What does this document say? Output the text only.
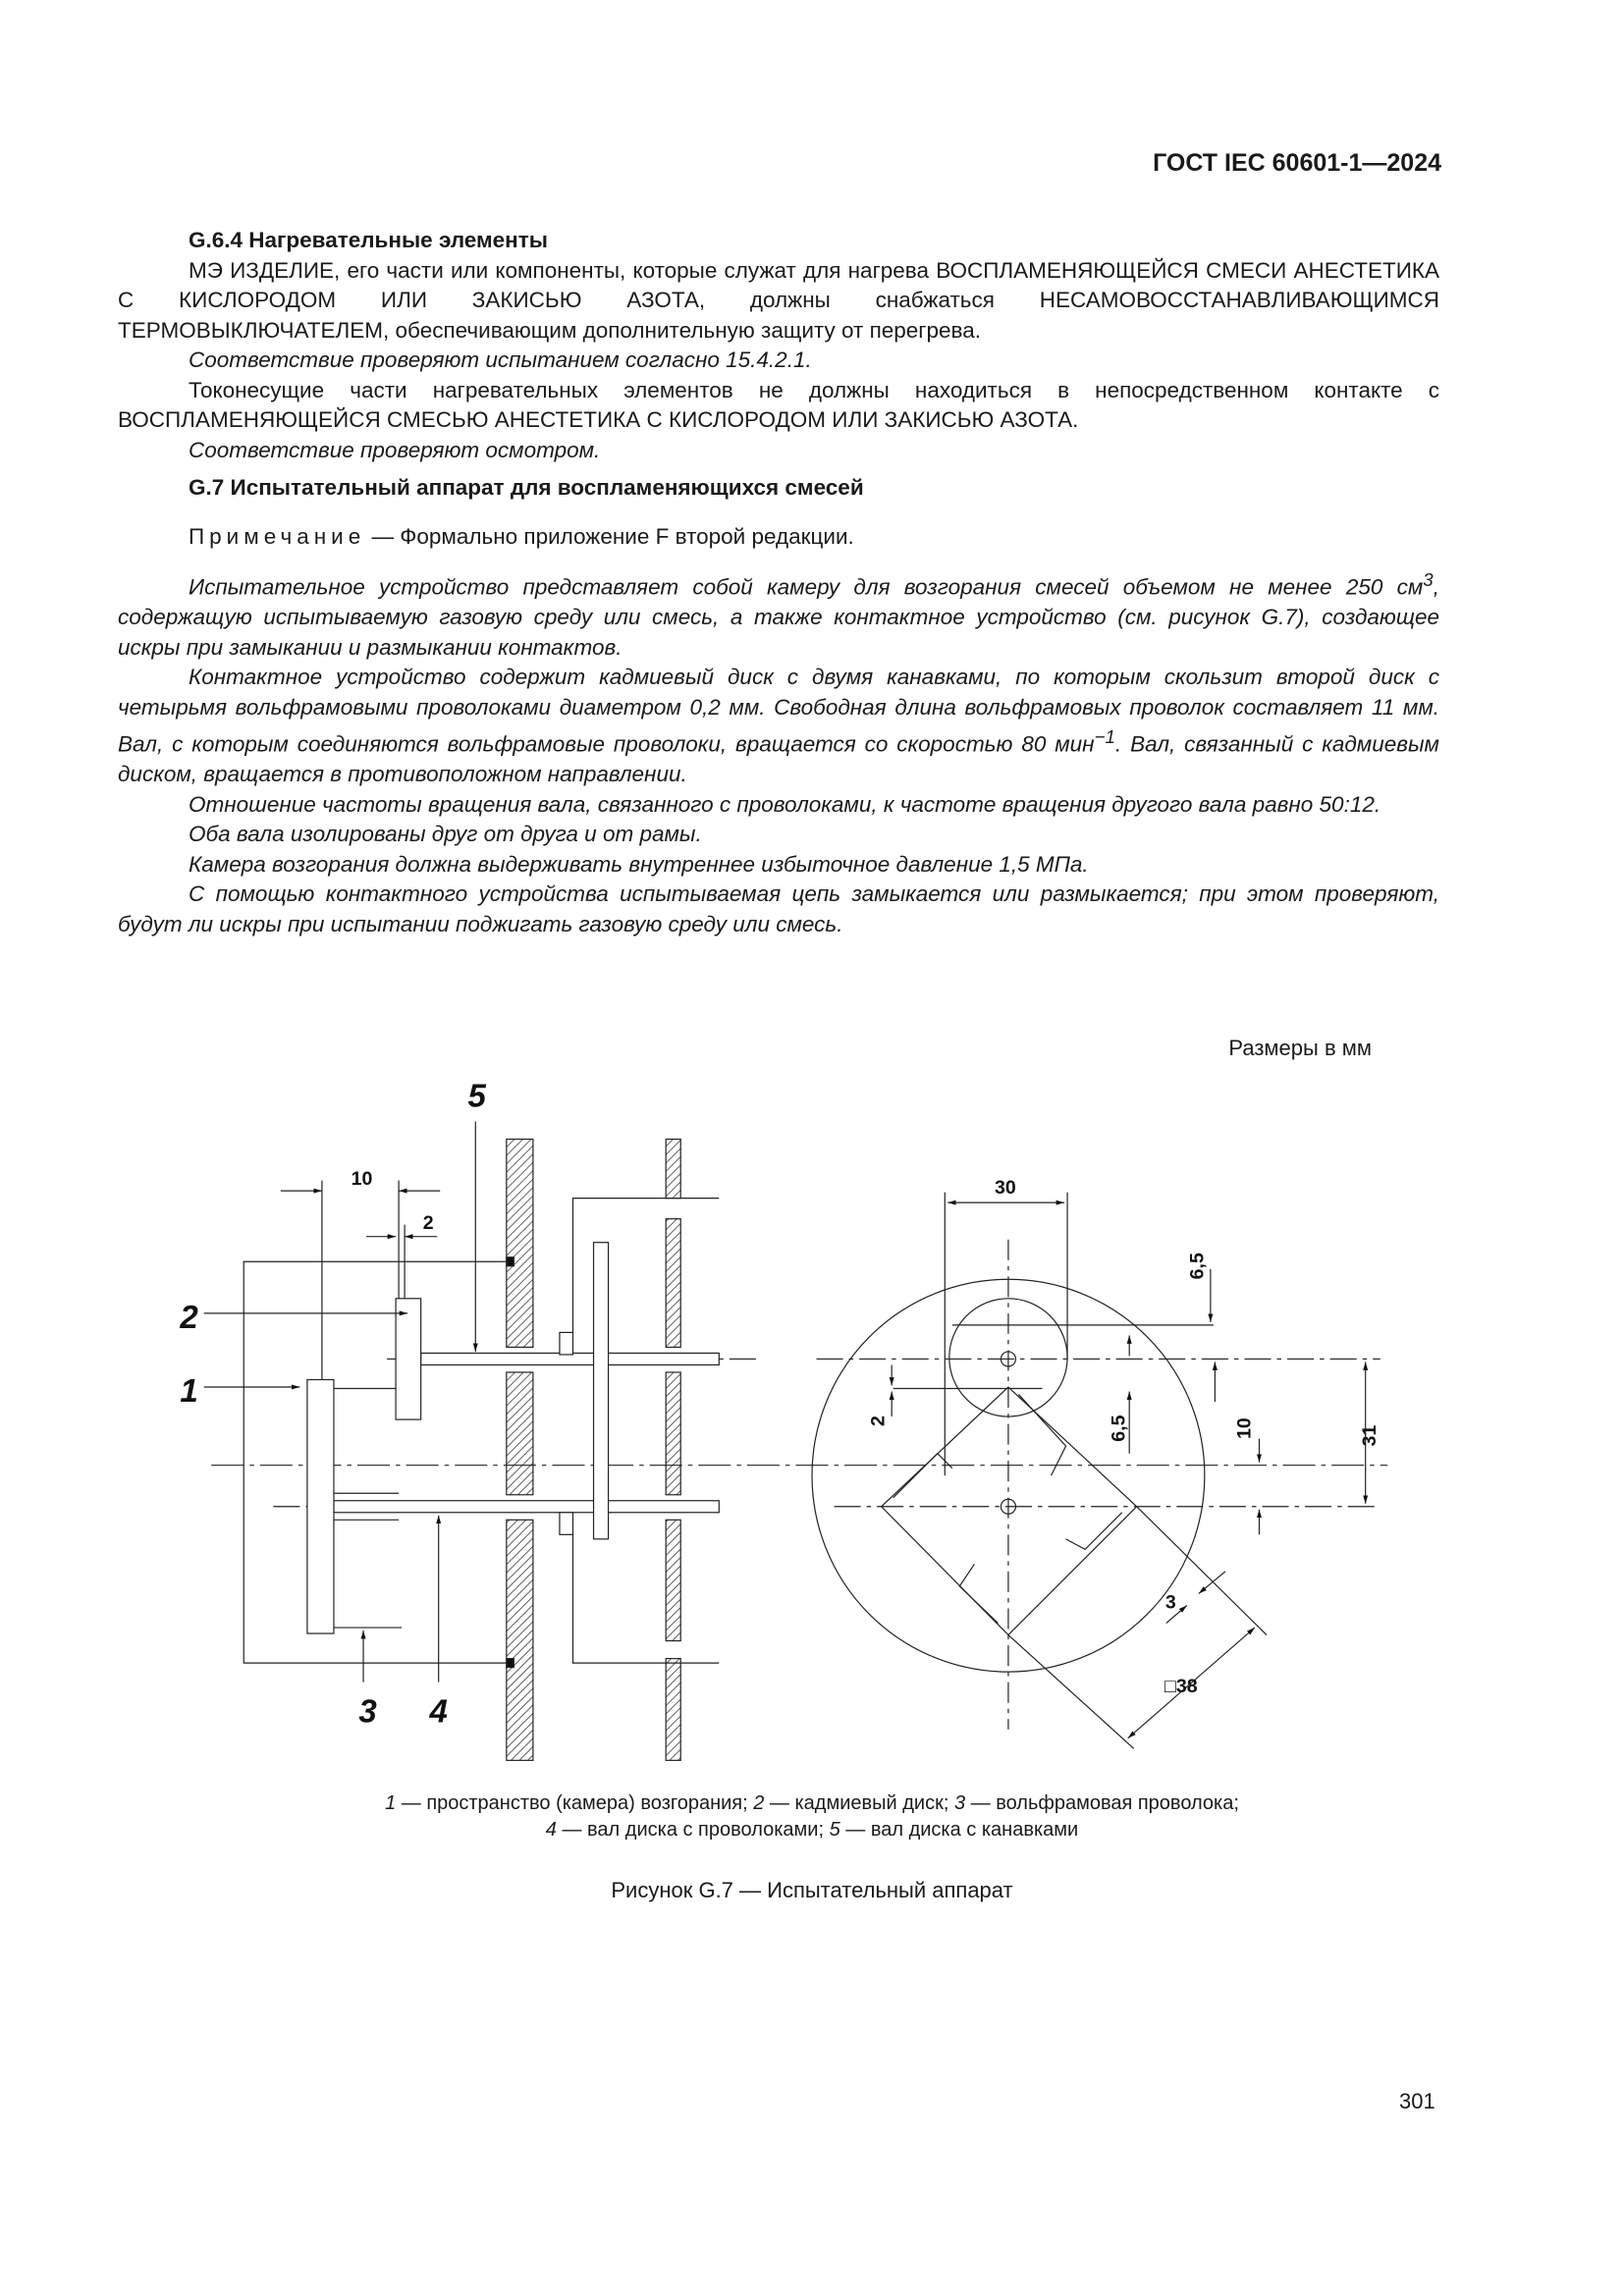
ГОСТ IEC 60601-1—2024

G.6.4 Нагревательные элементы

МЭ ИЗДЕЛИЕ, его части или компоненты, которые служат для нагрева ВОСПЛАМЕНЯЮЩЕЙСЯ СМЕСИ АНЕСТЕТИКА С КИСЛОРОДОМ ИЛИ ЗАКИСЬЮ АЗОТА, должны снабжаться НЕСАМОВОССТАНАВЛИВАЮЩИМСЯ ТЕРМОВЫКЛЮЧАТЕЛЕМ, обеспечивающим дополнительную защиту от перегрева.

Соответствие проверяют испытанием согласно 15.4.2.1.

Токонесущие части нагревательных элементов не должны находиться в непосредственном контакте с ВОСПЛАМЕНЯЮЩЕЙСЯ СМЕСЬЮ АНЕСТЕТИКА С КИСЛОРОДОМ ИЛИ ЗАКИСЬЮ АЗОТА.

Соответствие проверяют осмотром.

G.7 Испытательный аппарат для воспламеняющихся смесей

Примечание — Формально приложение F второй редакции.

Испытательное устройство представляет собой камеру для возгорания смесей объемом не менее 250 $см^3$, содержащую испытываемую газовую среду или смесь, а также контактное устройство (см. рисунок G.7), создающее искры при замыкании и размыкании контактов.

Контактное устройство содержит кадмиевый диск с двумя канавками, по которым скользит второй диск с четырьмя вольфрамовыми проволоками диаметром 0,2 мм. Свободная длина вольфрамовых проволок составляет 11 мм. Вал, с которым соединяются вольфрамовые проволоки, вращается со скоростью 80 мин$^{-1}$. Вал, связанный с кадмиевым диском, вращается в противоположном направлении.

Отношение частоты вращения вала, связанного с проволоками, к частоте вращения другого вала равно 50:12.

Оба вала изолированы друг от друга и от рамы.

Камера возгорания должна выдерживать внутреннее избыточное давление 1,5 МПа.

С помощью контактного устройства испытываемая цепь замыкается или размыкается; при этом проверяют, будут ли искры при испытании поджигать газовую среду или смесь.

Размеры в мм
2
1
5
3 4
10
2
30
6,5
6,5	10	31
2
3
□38
1 — пространство (камера) возгорания; 2 — кадмиевый диск; 3 — вольфрамовая проволока;
4 — вал диска с проволоками; 5 — вал диска с канавками
Рисунок G.7 — Испытательный аппарат
301
